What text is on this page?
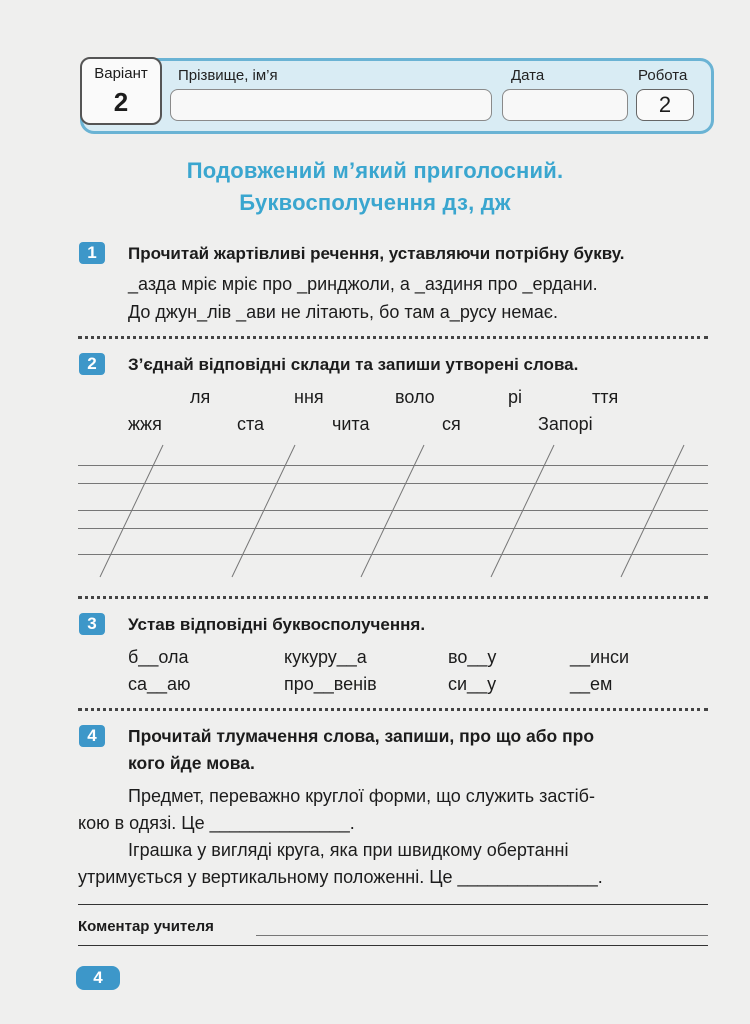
Варіант
2
Прізвище, ім’я	Дата	Робота
2
Подовжений м’який приголосний.
Буквосполучення дз, дж
1	Прочитай жартівливі речення, уставляючи потрібну букву.
_азда мріє мріє про _ринджоли, а _аздиня про _ердани.
До джун_лів _ави не літають, бо там а_русу немає.
2	З’єднай відповідні склади та запиши утворені слова.
ля	ння	воло	рі	ття
жжя	ста	чита	ся	Запорі
3	Устав відповідні буквосполучення.
б__ола	кукуру__а	во__у	__инси
са__аю	про__венів	си__у	__ем
4	Прочитай тлумачення слова, запиши, про що або про
кого йде мова.
Предмет, переважно круглої форми, що служить застіб-
кою в одязі. Це ______________.
Іграшка у вигляді круга, яка при швидкому обертанні
утримується у вертикальному положенні. Це ______________.
Коментар учителя
4
